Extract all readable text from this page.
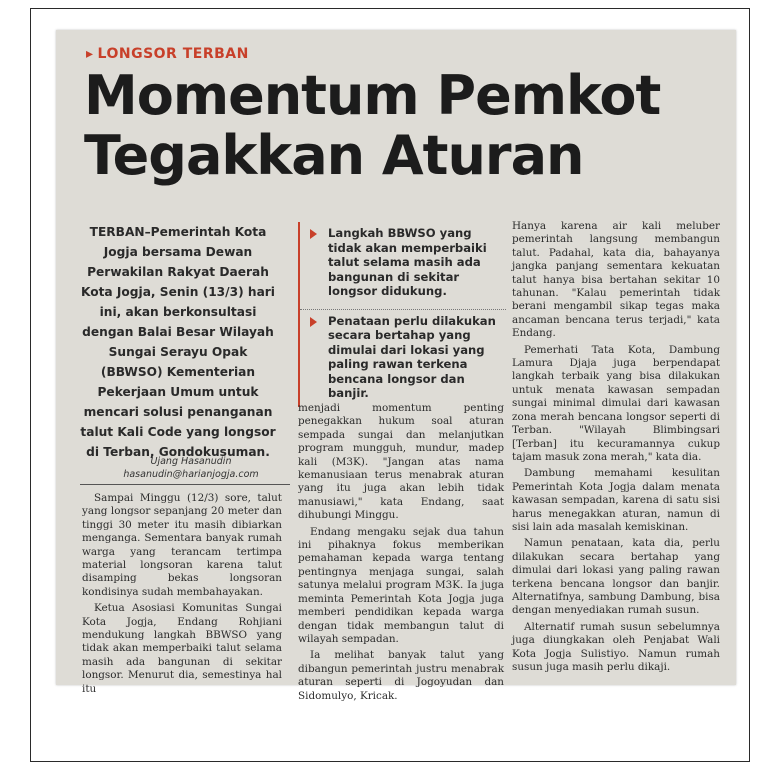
▸ LONGSOR TERBAN
Momentum Pemkot Tegakkan Aturan
TERBAN–Pemerintah Kota Jogja bersama Dewan Perwakilan Rakyat Daerah Kota Jogja, Senin (13/3) hari ini, akan berkonsultasi dengan Balai Besar Wilayah Sungai Serayu Opak (BBWSO) Kementerian Pekerjaan Umum untuk mencari solusi penanganan talut Kali Code yang longsor di Terban, Gondokusuman.
Ujang Hasanudin
hasanudin@harianjogja.com
Langkah BBWSO yang tidak akan memperbaiki talut selama masih ada bangunan di sekitar longsor didukung.
Penataan perlu dilakukan secara bertahap yang dimulai dari lokasi yang paling rawan terkena bencana longsor dan banjir.

Sampai Minggu (12/3) sore, talut yang longsor sepanjang 20 meter dan tinggi 30 meter itu masih dibiarkan menganga. Sementara banyak rumah warga yang terancam tertimpa material longsoran karena talut disamping bekas longsoran kondisinya sudah membahayakan.

Ketua Asosiasi Komunitas Sungai Kota Jogja, Endang Rohjiani mendukung langkah BBWSO yang tidak akan memperbaiki talut selama masih ada bangunan di sekitar longsor. Menurut dia, semestinya hal itu

menjadi momentum penting penegakkan hukum soal aturan sempada sungai dan melanjutkan program mungguh, mundur, madep kali (M3K). "Jangan atas nama kemanusiaan terus menabrak aturan yang itu juga akan lebih tidak manusiawi," kata Endang, saat dihubungi Minggu.

Endang mengaku sejak dua tahun ini pihaknya fokus memberikan pemahaman kepada warga tentang pentingnya menjaga sungai, salah satunya melalui program M3K. Ia juga meminta Pemerintah Kota Jogja juga memberi pendidikan kepada warga dengan tidak membangun talut di wilayah sempadan.

Ia melihat banyak talut yang dibangun pemerintah justru menabrak aturan seperti di Jogoyudan dan Sidomulyo, Kricak.

Hanya karena air kali meluber pemerintah langsung membangun talut. Padahal, kata dia, bahayanya jangka panjang sementara kekuatan talut hanya bisa bertahan sekitar 10 tahunan. "Kalau pemerintah tidak berani mengambil sikap tegas maka ancaman bencana terus terjadi," kata Endang.

Pemerhati Tata Kota, Dambung Lamura Djaja juga berpendapat langkah terbaik yang bisa dilakukan untuk menata kawasan sempadan sungai minimal dimulai dari kawasan zona merah bencana longsor seperti di Terban. "Wilayah Blimbingsari [Terban] itu kecuramannya cukup tajam masuk zona merah," kata dia.

Dambung memahami kesulitan Pemerintah Kota Jogja dalam menata kawasan sempadan, karena di satu sisi harus menegakkan aturan, namun di sisi lain ada masalah kemiskinan.

Namun penataan, kata dia, perlu dilakukan secara bertahap yang dimulai dari lokasi yang paling rawan terkena bencana longsor dan banjir. Alternatifnya, sambung Dambung, bisa dengan menyediakan rumah susun.

Alternatif rumah susun sebelumnya juga diungkakan oleh Penjabat Wali Kota Jogja Sulistiyo. Namun rumah susun juga masih perlu dikaji.
